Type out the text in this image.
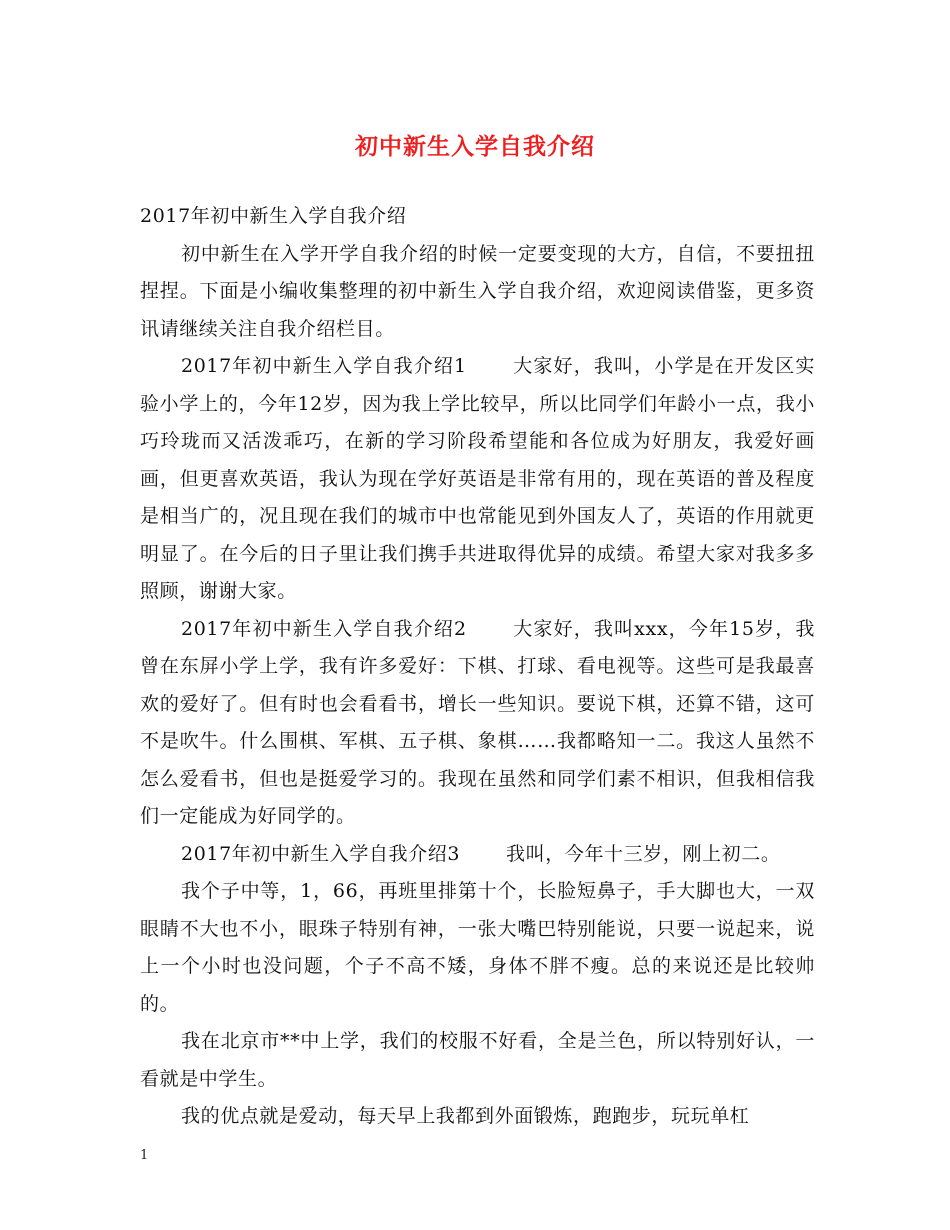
初中新生入学自我介绍

2017年初中新生入学自我介绍

初中新生在入学开学自我介绍的时候一定要变现的大方，自信，不要扭扭捏捏。下面是小编收集整理的初中新生入学自我介绍，欢迎阅读借鉴，更多资讯请继续关注自我介绍栏目。

2017年初中新生入学自我介绍1 大家好，我叫，小学是在开发区实验小学上的，今年12岁，因为我上学比较早，所以比同学们年龄小一点，我小巧玲珑而又活泼乖巧，在新的学习阶段希望能和各位成为好朋友，我爱好画画，但更喜欢英语，我认为现在学好英语是非常有用的，现在英语的普及程度是相当广的，况且现在我们的城市中也常能见到外国友人了，英语的作用就更明显了。在今后的日子里让我们携手共进取得优异的成绩。希望大家对我多多照顾，谢谢大家。

2017年初中新生入学自我介绍2 大家好，我叫xxx，今年15岁，我曾在东屏小学上学，我有许多爱好：下棋、打球、看电视等。这些可是我最喜欢的爱好了。但有时也会看看书，增长一些知识。要说下棋，还算不错，这可不是吹牛。什么围棋、军棋、五子棋、象棋……我都略知一二。我这人虽然不怎么爱看书，但也是挺爱学习的。我现在虽然和同学们素不相识，但我相信我们一定能成为好同学的。

2017年初中新生入学自我介绍3 我叫，今年十三岁，刚上初二。

我个子中等，1，66，再班里排第十个，长脸短鼻子，手大脚也大，一双眼睛不大也不小，眼珠子特别有神，一张大嘴巴特别能说，只要一说起来，说上一个小时也没问题，个子不高不矮，身体不胖不瘦。总的来说还是比较帅的。

我在北京市**中上学，我们的校服不好看，全是兰色，所以特别好认，一看就是中学生。

我的优点就是爱动，每天早上我都到外面锻炼，跑跑步，玩玩单杠

1
